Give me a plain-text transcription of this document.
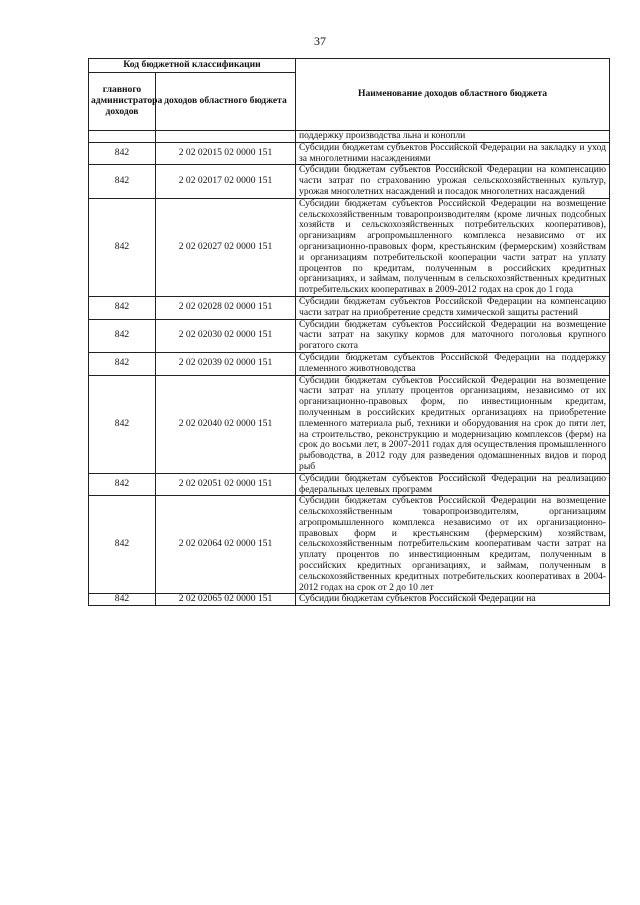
37
Код бюджетной классификации		Наименование доходов областного бюджета
главного администратора доходов	доходов областного бюджета	
		поддержку производства льна и конопли
842	2 02 02015 02 0000 151	Субсидии бюджетам субъектов Российской Федерации на закладку и уход за многолетними насаждениями
842	2 02 02017 02 0000 151	Субсидии бюджетам субъектов Российской Федерации на компенсацию части затрат по страхованию урожая сельскохозяйственных культур, урожая многолетних насаждений и посадок многолетних насаждений
842	2 02 02027 02 0000 151	Субсидии бюджетам субъектов Российской Федерации на возмещение сельскохозяйственным товаропроизводителям (кроме личных подсобных хозяйств и сельскохозяйственных потребительских кооперативов), организациям агропромышленного комплекса независимо от их организационно-правовых форм, крестьянским (фермерским) хозяйствам и организациям потребительской кооперации части затрат на уплату процентов по кредитам, полученным в российских кредитных организациях, и займам, полученным в сельскохозяйственных кредитных потребительских кооперативах в 2009-2012 годах на срок до 1 года
842	2 02 02028 02 0000 151	Субсидии бюджетам субъектов Российской Федерации на компенсацию части затрат на приобретение средств химической защиты растений
842	2 02 02030 02 0000 151	Субсидии бюджетам субъектов Российской Федерации на возмещение части затрат на закупку кормов для маточного поголовья крупного рогатого скота
842	2 02 02039 02 0000 151	Субсидии бюджетам субъектов Российской Федерации на поддержку племенного животноводства
842	2 02 02040 02 0000 151	Субсидии бюджетам субъектов Российской Федерации на возмещение части затрат на уплату процентов организациям, независимо от их организационно-правовых форм, по инвестиционным кредитам, полученным в российских кредитных организациях на приобретение племенного материала рыб, техники и оборудования на срок до пяти лет, на строительство, реконструкцию и модернизацию комплексов (ферм) на срок до восьми лет, в 2007-2011 годах для осуществления промышленного рыбоводства, в 2012 году для разведения одомашненных видов и пород рыб
842	2 02 02051 02 0000 151	Субсидии бюджетам субъектов Российской Федерации на реализацию федеральных целевых программ
842	2 02 02064 02 0000 151	Субсидии бюджетам субъектов Российской Федерации на возмещение сельскохозяйственным товаропроизводителям, организациям агропромышленного комплекса независимо от их организационно-правовых форм и крестьянским (фермерским) хозяйствам, сельскохозяйственным потребительским кооперативам части затрат на уплату процентов по инвестиционным кредитам, полученным в российских кредитных организациях, и займам, полученным в сельскохозяйственных кредитных потребительских кооперативах в 2004-2012 годах на срок от 2 до 10 лет
842	2 02 02065 02 0000 151	Субсидии бюджетам субъектов Российской Федерации на
